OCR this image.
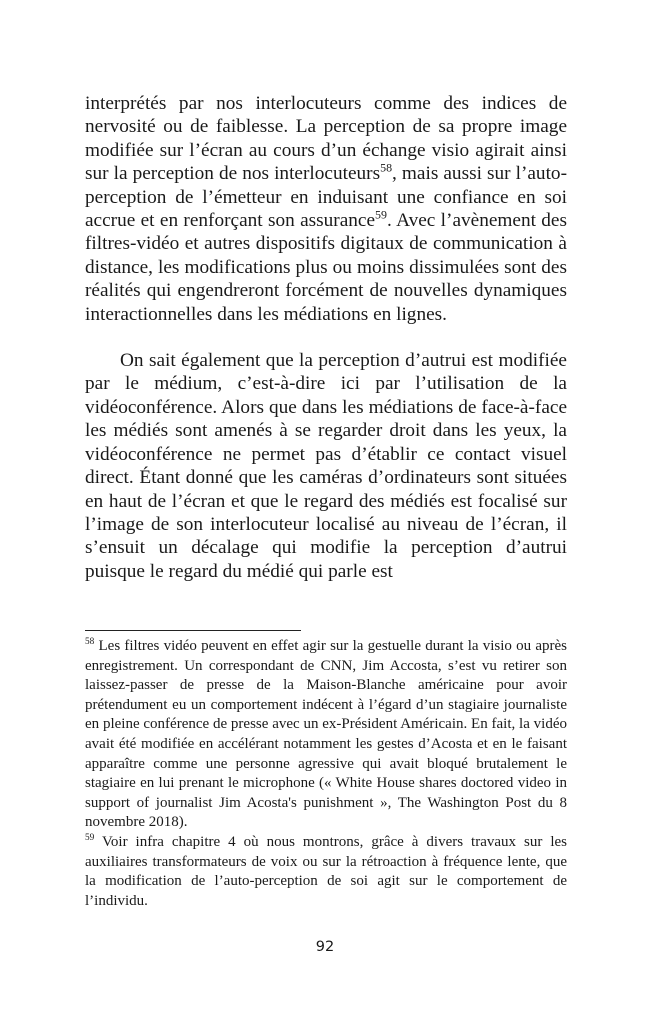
interprétés par nos interlocuteurs comme des indices de nervosité ou de faiblesse. La perception de sa propre image modifiée sur l’écran au cours d’un échange visio agirait ainsi sur la perception de nos interlocuteurs$^{58}$, mais aussi sur l’auto-perception de l’émetteur en induisant une confiance en soi accrue et en renforçant son assurance$^{59}$. Avec l’avènement des filtres-vidéo et autres dispositifs digitaux de communication à distance, les modifications plus ou moins dissimulées sont des réalités qui engendreront forcément de nouvelles dynamiques interactionnelles dans les médiations en lignes.

On sait également que la perception d’autrui est modifiée par le médium, c’est-à-dire ici par l’utilisation de la vidéoconférence. Alors que dans les médiations de face-à-face les médiés sont amenés à se regarder droit dans les yeux, la vidéoconférence ne permet pas d’établir ce contact visuel direct. Étant donné que les caméras d’ordinateurs sont situées en haut de l’écran et que le regard des médiés est focalisé sur l’image de son interlocuteur localisé au niveau de l’écran, il s’ensuit un décalage qui modifie la perception d’autrui puisque le regard du médié qui parle est

$^{58}$ Les filtres vidéo peuvent en effet agir sur la gestuelle durant la visio ou après enregistrement. Un correspondant de CNN, Jim Accosta, s’est vu retirer son laissez-passer de presse de la Maison-Blanche américaine pour avoir prétendument eu un comportement indécent à l’égard d’un stagiaire journaliste en pleine conférence de presse avec un ex-Président Américain. En fait, la vidéo avait été modifiée en accélérant notamment les gestes d’Acosta et en le faisant apparaître comme une personne agressive qui avait bloqué brutalement le stagiaire en lui prenant le microphone (« White House shares doctored video in support of journalist Jim Acosta's punishment », The Washington Post du 8 novembre 2018).

$^{59}$ Voir infra chapitre 4 où nous montrons, grâce à divers travaux sur les auxiliaires transformateurs de voix ou sur la rétroaction à fréquence lente, que la modification de l’auto-perception de soi agit sur le comportement de l’individu.

92
